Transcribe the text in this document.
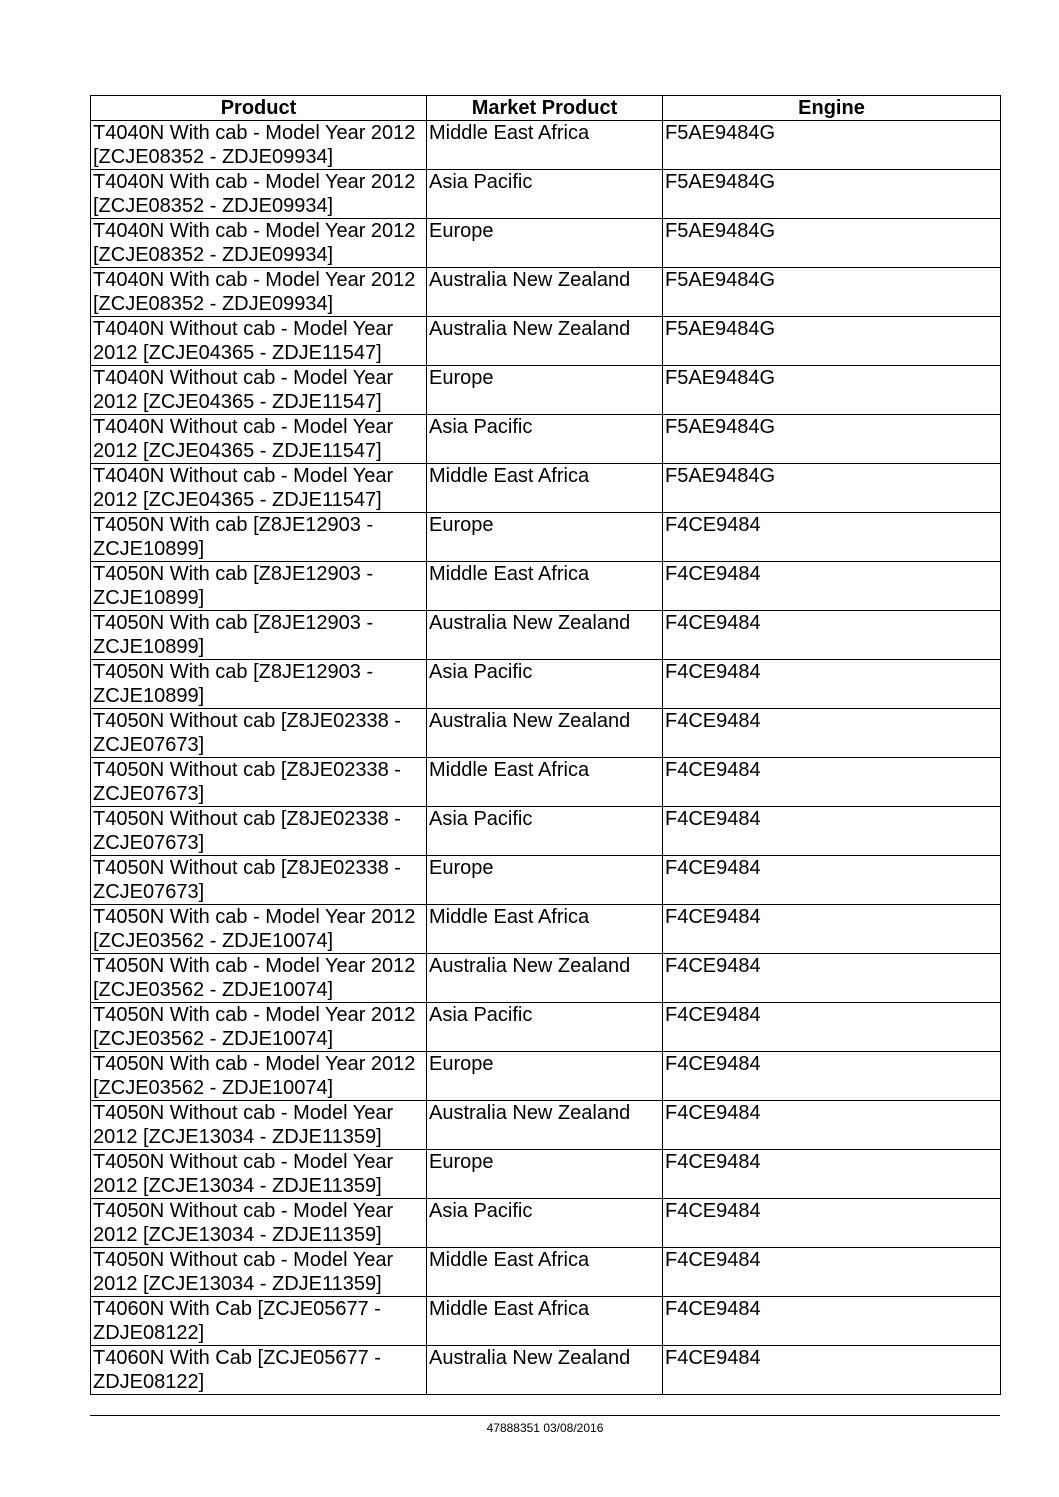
Product	Market Product	Engine
T4040N With cab - Model Year 2012 [ZCJE08352 - ZDJE09934]	Middle East Africa	F5AE9484G
T4040N With cab - Model Year 2012 [ZCJE08352 - ZDJE09934]	Asia Pacific	F5AE9484G
T4040N With cab - Model Year 2012 [ZCJE08352 - ZDJE09934]	Europe	F5AE9484G
T4040N With cab - Model Year 2012 [ZCJE08352 - ZDJE09934]	Australia New Zealand	F5AE9484G
T4040N Without cab - Model Year 2012 [ZCJE04365 - ZDJE11547]	Australia New Zealand	F5AE9484G
T4040N Without cab - Model Year 2012 [ZCJE04365 - ZDJE11547]	Europe	F5AE9484G
T4040N Without cab - Model Year 2012 [ZCJE04365 - ZDJE11547]	Asia Pacific	F5AE9484G
T4040N Without cab - Model Year 2012 [ZCJE04365 - ZDJE11547]	Middle East Africa	F5AE9484G
T4050N With cab [Z8JE12903 - ZCJE10899]	Europe	F4CE9484
T4050N With cab [Z8JE12903 - ZCJE10899]	Middle East Africa	F4CE9484
T4050N With cab [Z8JE12903 - ZCJE10899]	Australia New Zealand	F4CE9484
T4050N With cab [Z8JE12903 - ZCJE10899]	Asia Pacific	F4CE9484
T4050N Without cab [Z8JE02338 - ZCJE07673]	Australia New Zealand	F4CE9484
T4050N Without cab [Z8JE02338 - ZCJE07673]	Middle East Africa	F4CE9484
T4050N Without cab [Z8JE02338 - ZCJE07673]	Asia Pacific	F4CE9484
T4050N Without cab [Z8JE02338 - ZCJE07673]	Europe	F4CE9484
T4050N With cab - Model Year 2012 [ZCJE03562 - ZDJE10074]	Middle East Africa	F4CE9484
T4050N With cab - Model Year 2012 [ZCJE03562 - ZDJE10074]	Australia New Zealand	F4CE9484
T4050N With cab - Model Year 2012 [ZCJE03562 - ZDJE10074]	Asia Pacific	F4CE9484
T4050N With cab - Model Year 2012 [ZCJE03562 - ZDJE10074]	Europe	F4CE9484
T4050N Without cab - Model Year 2012 [ZCJE13034 - ZDJE11359]	Australia New Zealand	F4CE9484
T4050N Without cab - Model Year 2012 [ZCJE13034 - ZDJE11359]	Europe	F4CE9484
T4050N Without cab - Model Year 2012 [ZCJE13034 - ZDJE11359]	Asia Pacific	F4CE9484
T4050N Without cab - Model Year 2012 [ZCJE13034 - ZDJE11359]	Middle East Africa	F4CE9484
T4060N With Cab [ZCJE05677 - ZDJE08122]	Middle East Africa	F4CE9484
T4060N With Cab [ZCJE05677 - ZDJE08122]	Australia New Zealand	F4CE9484
47888351 03/08/2016
